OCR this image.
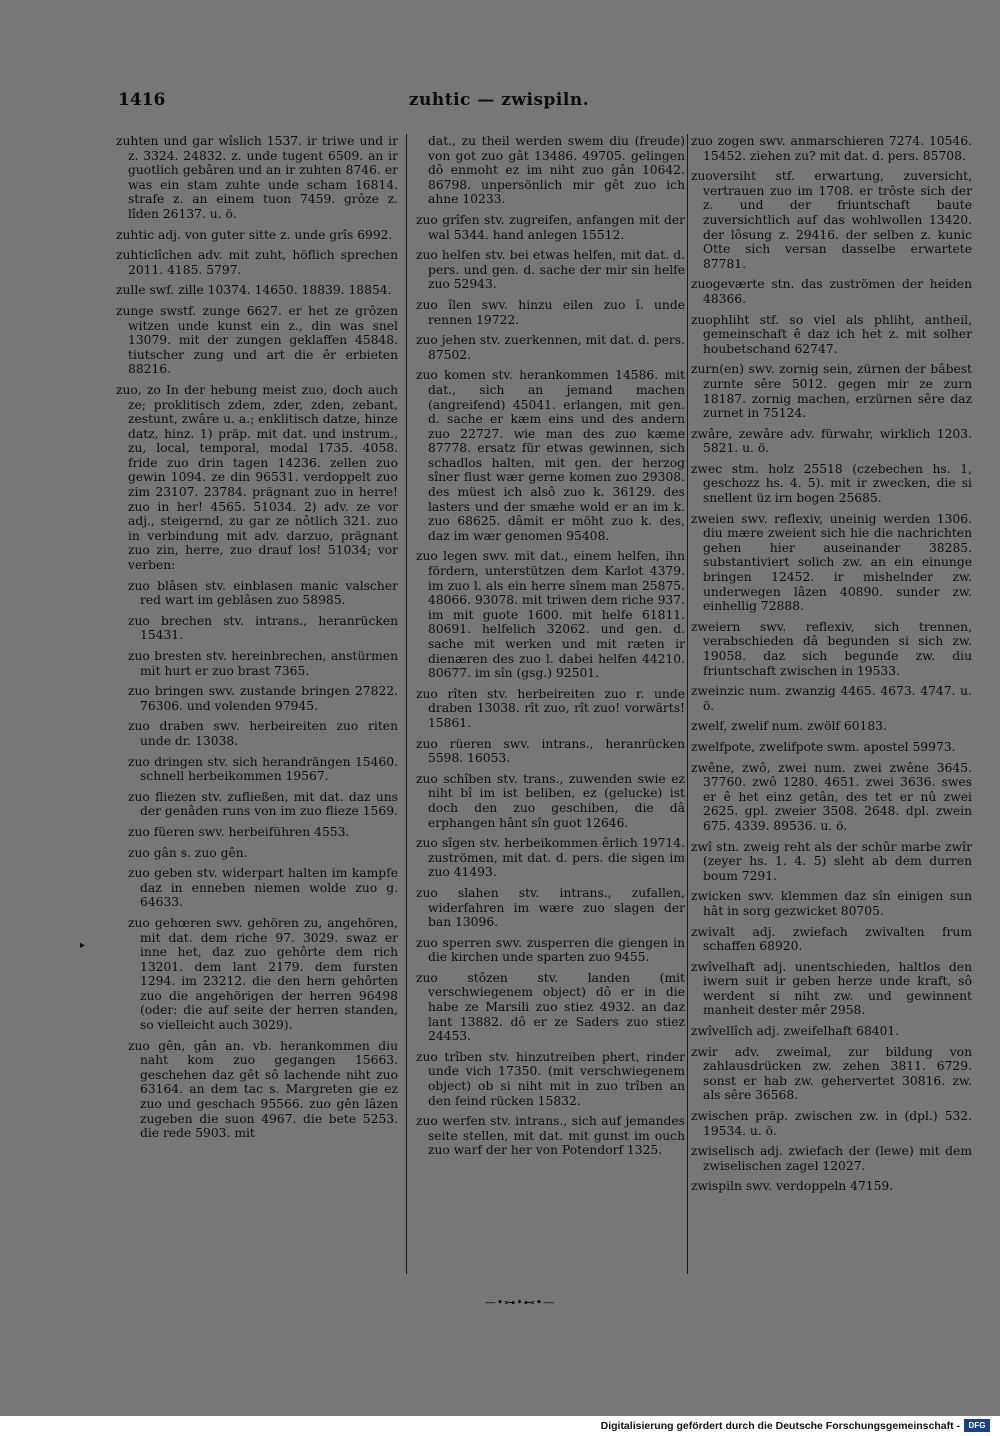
1416	zuhtic — zwispiln.

zuhten und gar wîslich 1537. ir triwe und ir z. 3324. 24832. z. unde tugent 6509. an ir guotlich gebâren und an ir zuhten 8746. er was ein stam zuhte unde scham 16814. strafe z. an einem tuon 7459. grôze z. lîden 26137. u. ö.

zuhtic adj. von guter sitte z. unde grîs 6992.

zuhticlîchen adv. mit zuht, höflich sprechen 2011. 4185. 5797.

zulle swf. zille 10374. 14650. 18839. 18854.

zunge swstf. zunge 6627. er het ze grôzen witzen unde kunst ein z., din was snel 13079. mit der zungen geklaffen 45848. tiutscher zung und art die êr erbieten 88216.

zuo, zo In der hebung meist zuo, doch auch ze; proklitisch zdem, zder, zden, zebant, zestunt, zwâre u. a.; enklitisch datze, hinze datz, hinz. 1) präp. mit dat. und instrum., zu, local, temporal, modal 1735. 4058. fride zuo drin tagen 14236. zellen zuo gewin 1094. ze din 96531. verdoppelt zuo zim 23107. 23784. prägnant zuo in herre! zuo in her! 4565. 51034. 2) adv. ze vor adj., steigernd, zu gar ze nôtlich 321. zuo in verbindung mit adv. darzuo, prägnant zuo zin, herre, zuo drauf los! 51034; vor verben:

zuo blâsen stv. einblasen manic valscher red wart im geblâsen zuo 58985.

zuo brechen stv. intrans., heranrücken 15431.

zuo bresten stv. hereinbrechen, anstürmen mit hurt er zuo brast 7365.

zuo bringen swv. zustande bringen 27822. 76306. und volenden 97945.

zuo draben swv. herbeireiten zuo riten unde dr. 13038.

zuo dringen stv. sich herandrängen 15460. schnell herbeikommen 19567.

zuo fliezen stv. zufließen, mit dat. daz uns der genâden runs von im zuo flieze 1569.

zuo füeren swv. herbeiführen 4553.

zuo gân s. zuo gên.

zuo geben stv. widerpart halten im kampfe daz in enneben niemen wolde zuo g. 64633.

zuo gehœren swv. gehören zu, angehören, mit dat. dem riche 97. 3029. swaz er inne het, daz zuo gehôrte dem rich 13201. dem lant 2179. dem fursten 1294. im 23212. die den hern gehôrten zuo die angehörigen der herren 96498 (oder: die auf seite der herren standen, so vielleicht auch 3029).

zuo gên, gân an. vb. herankommen diu naht kom zuo gegangen 15663. geschehen daz gêt sô lachende niht zuo 63164. an dem tac s. Margreten gie ez zuo und geschach 95566. zuo gên lâzen zugeben die suon 4967. die bete 5253. die rede 5903. mit

dat., zu theil werden swem diu (freude) von got zuo gât 13486. 49705. gelingen dô enmoht ez im niht zuo gân 10642. 86798. unpersönlich mir gêt zuo ich ahne 10233.

zuo grîfen stv. zugreifen, anfangen mit der wal 5344. hand anlegen 15512.

zuo helfen stv. bei etwas helfen, mit dat. d. pers. und gen. d. sache der mir sin helfe zuo 52943.

zuo îlen swv. hinzu eilen zuo î. unde rennen 19722.

zuo jehen stv. zuerkennen, mit dat. d. pers. 87502.

zuo komen stv. herankommen 14586. mit dat., sich an jemand machen (angreifend) 45041. erlangen, mit gen. d. sache er kæm eins und des andern zuo 22727. wie man des zuo kæme 87778. ersatz für etwas gewinnen, sich schadlos halten, mit gen. der herzog sîner flust wær gerne komen zuo 29308. des müest ich alsô zuo k. 36129. des lasters und der smæhe wold er an im k. zuo 68625. dâmit er möht zuo k. des, daz im wær genomen 95408.

zuo legen swv. mit dat., einem helfen, ihn fördern, unterstützen dem Karlot 4379. im zuo l. als ein herre sînem man 25875. 48066. 93078. mit triwen dem riche 937. im mit guote 1600. mit helfe 61811. 80691. helfelich 32062. und gen. d. sache mit werken und mit ræten ir dienæren des zuo l. dabei helfen 44210. 80677. im sîn (gsg.) 92501.

zuo rîten stv. herbeireiten zuo r. unde draben 13038. rît zuo, rît zuo! vorwärts! 15861.

zuo rüeren swv. intrans., heranrücken 5598. 16053.

zuo schîben stv. trans., zuwenden swie ez niht bî im ist beliben, ez (gelucke) ist doch den zuo geschiben, die dâ erphangen hânt sîn guot 12646.

zuo sîgen stv. herbeikommen êrlich 19714. zuströmen, mit dat. d. pers. die sigen im zuo 41493.

zuo slahen stv. intrans., zufallen, widerfahren im wære zuo slagen der ban 13096.

zuo sperren swv. zusperren die giengen in die kirchen unde sparten zuo 9455.

zuo stôzen stv. landen (mit verschwiegenem object) dô er in die habe ze Marsili zuo stiez 4932. an daz lant 13882. dô er ze Saders zuo stiez 24453.

zuo trîben stv. hinzutreiben phert, rinder unde vich 17350. (mit verschwiegenem object) ob si niht mit in zuo trîben an den feind rücken 15832.

zuo werfen stv. intrans., sich auf jemandes seite stellen, mit dat. mit gunst im ouch zuo warf der her von Potendorf 1325.

zuo zogen swv. anmarschieren 7274. 10546. 15452. ziehen zu? mit dat. d. pers. 85708.

zuoversiht stf. erwartung, zuversicht, vertrauen zuo im 1708. er trôste sich der z. und der friuntschaft baute zuversichtlich auf das wohlwollen 13420. der lôsung z. 29416. der selben z. kunic Otte sich versan dasselbe erwartete 87781.

zuogeværte stn. das zuströmen der heiden 48366.

zuophliht stf. so viel als phliht, antheil, gemeinschaft ê daz ich het z. mit solher houbetschand 62747.

zurn(en) swv. zornig sein, zürnen der bâbest zurnte sêre 5012. gegen mir ze zurn 18187. zornig machen, erzürnen sêre daz zurnet in 75124.

zwâre, zewâre adv. fürwahr, wirklich 1203. 5821. u. ö.

zwec stm. holz 25518 (czebechen hs. 1, geschozz hs. 4. 5). mit ir zwecken, die si snellent üz irn bogen 25685.

zweien swv. reflexiv, uneinig werden 1306. diu mære zweient sich hie die nachrichten gehen hier auseinander 38285. substantiviert solich zw. an ein einunge bringen 12452. ir mishelnder zw. underwegen lâzen 40890. sunder zw. einhellig 72888.

zweiern swv. reflexiv, sich trennen, verabschieden dâ begunden si sich zw. 19058. daz sich begunde zw. diu friuntschaft zwischen in 19533.

zweinzic num. zwanzig 4465. 4673. 4747. u. ö.

zwelf, zwelif num. zwölf 60183.

zwelfpote, zwelifpote swm. apostel 59973.

zwêne, zwô, zwei num. zwei zwêne 3645. 37760. zwô 1280. 4651. zwei 3636. swes er ê het einz getân, des tet er nû zwei 2625. gpl. zweier 3508. 2648. dpl. zwein 675. 4339. 89536. u. ö.

zwî stn. zweig reht als der schûr marbe zwîr (zeyer hs. 1. 4. 5) sleht ab dem durren boum 7291.

zwicken swv. klemmen daz sîn einigen sun hât in sorg gezwicket 80705.

zwivalt adj. zwiefach zwivalten frum schaffen 68920.

zwîvelhaft adj. unentschieden, haltlos den iwern suit ir geben herze unde kraft, sô werdent si niht zw. und gewinnent manheit dester mêr 2958.

zwîvellîch adj. zweifelhaft 68401.

zwir adv. zweimal, zur bildung von zahlausdrücken zw. zehen 3811. 6729. sonst er hab zw. gehervertet 30816. zw. als sêre 36568.

zwischen präp. zwischen zw. in (dpl.) 532. 19534. u. ö.

zwiselisch adj. zwiefach der (lewe) mit dem zwiselischen zagel 12027.

zwispiln swv. verdoppeln 47159.

▸
—•⊶•⊷•—
Digitalisierung gefördert durch die Deutsche Forschungsgemeinschaft -	DFG
